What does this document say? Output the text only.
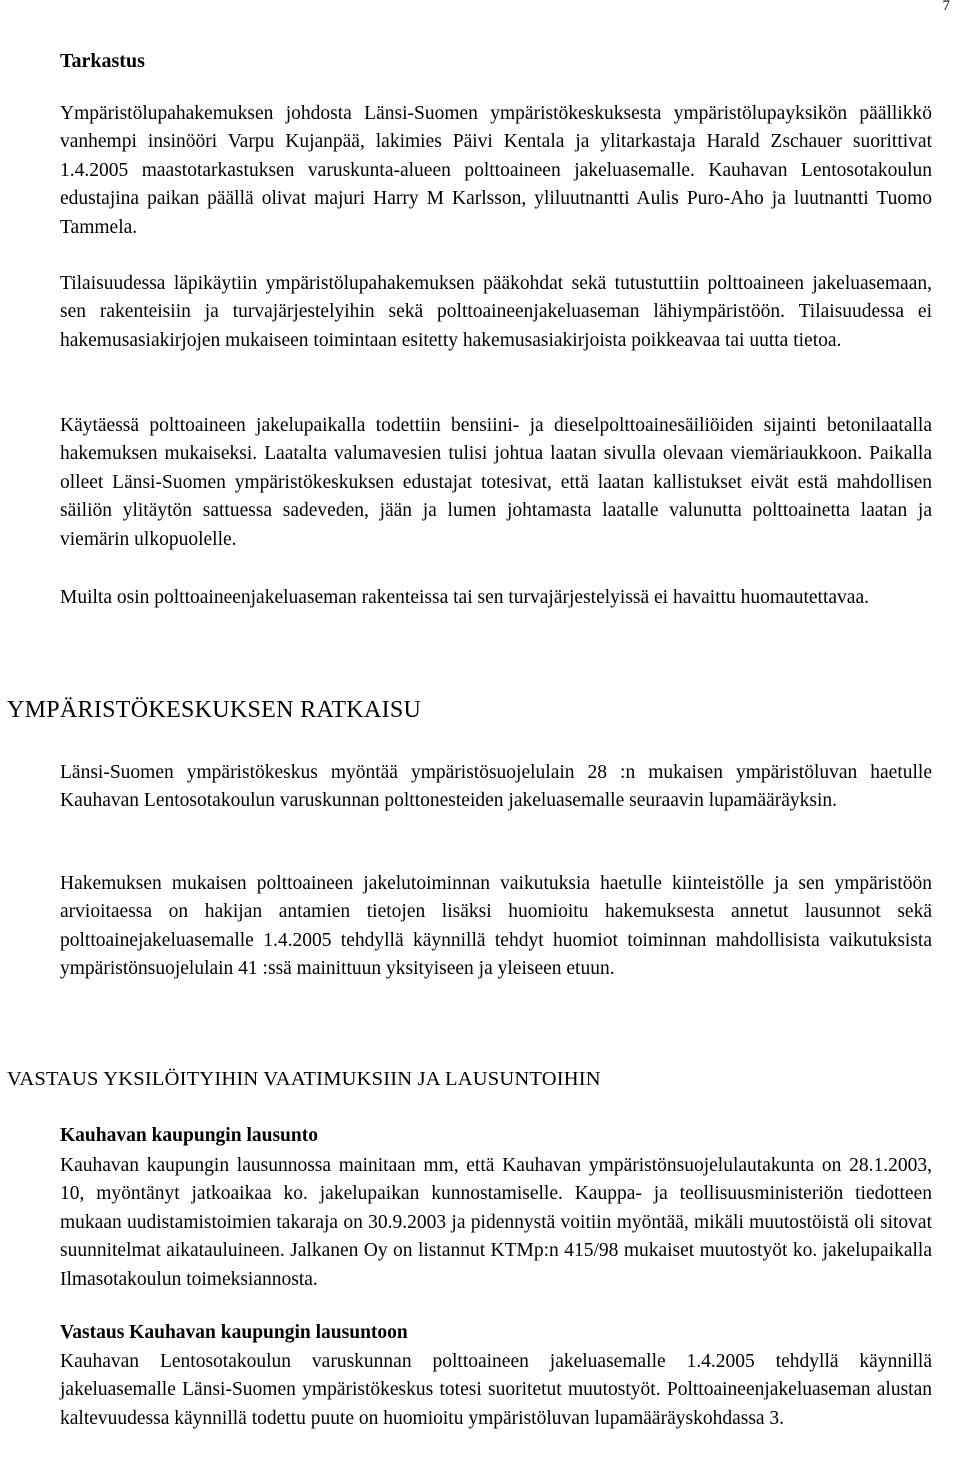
7
Tarkastus

Ympäristölupahakemuksen johdosta Länsi-Suomen ympäristökeskuksesta ympäristölupayksikön päällikkö vanhempi insinööri Varpu Kujanpää, lakimies Päivi Kentala ja ylitarkastaja Harald Zschauer suorittivat 1.4.2005 maastotarkastuksen varuskunta-alueen polttoaineen jakeluasemalle. Kauhavan Lentosotakoulun edustajina paikan päällä olivat majuri Harry M Karlsson, yliluutnantti Aulis Puro-Aho ja luutnantti Tuomo Tammela.

Tilaisuudessa läpikäytiin ympäristölupahakemuksen pääkohdat sekä tutustuttiin polttoaineen jakeluasemaan, sen rakenteisiin ja turvajärjestelyihin sekä polttoaineenjakeluaseman lähiympäristöön. Tilaisuudessa ei hakemusasiakirjojen mukaiseen toimintaan esitetty hakemusasiakirjoista poikkeavaa tai uutta tietoa.

Käytäessä polttoaineen jakelupaikalla todettiin bensiini- ja dieselpolttoainesäiliöiden sijainti betonilaatalla hakemuksen mukaiseksi. Laatalta valumavesien tulisi johtua laatan sivulla olevaan viemäriaukkoon. Paikalla olleet Länsi-Suomen ympäristökeskuksen edustajat totesivat, että laatan kallistukset eivät estä mahdollisen säiliön ylitäytön sattuessa sadeveden, jään ja lumen johtamasta laatalle valunutta polttoainetta laatan ja viemärin ulkopuolelle.

Muilta osin polttoaineenjakeluaseman rakenteissa tai sen turvajärjestelyissä ei havaittu huomautettavaa.

YMPÄRISTÖKESKUKSEN RATKAISU

Länsi-Suomen ympäristökeskus myöntää ympäristösuojelulain 28 :n mukaisen ympäristöluvan haetulle Kauhavan Lentosotakoulun varuskunnan polttonesteiden jakeluasemalle seuraavin lupamääräyksin.

Hakemuksen mukaisen polttoaineen jakelutoiminnan vaikutuksia haetulle kiinteistölle ja sen ympäristöön arvioitaessa on hakijan antamien tietojen lisäksi huomioitu hakemuksesta annetut lausunnot sekä polttoainejakeluasemalle 1.4.2005 tehdyllä käynnillä tehdyt huomiot toiminnan mahdollisista vaikutuksista ympäristönsuojelulain 41 :ssä mainittuun yksityiseen ja yleiseen etuun.

VASTAUS YKSILÖITYIHIN VAATIMUKSIIN JA LAUSUNTOIHIN
Kauhavan kaupungin lausunto

Kauhavan kaupungin lausunnossa mainitaan mm, että Kauhavan ympäristönsuojelulautakunta on 28.1.2003, 10, myöntänyt jatkoaikaa ko. jakelupaikan kunnostamiselle. Kauppa- ja teollisuusministeriön tiedotteen mukaan uudistamistoimien takaraja on 30.9.2003 ja pidennystä voitiin myöntää, mikäli muutostöistä oli sitovat suunnitelmat aikatauluineen. Jalkanen Oy on listannut KTMp:n 415/98 mukaiset muutostyöt ko. jakelupaikalla Ilmasotakoulun toimeksiannosta.

Vastaus Kauhavan kaupungin lausuntoon

Kauhavan Lentosotakoulun varuskunnan polttoaineen jakeluasemalle 1.4.2005 tehdyllä käynnillä jakeluasemalle Länsi-Suomen ympäristökeskus totesi suoritetut muutostyöt. Polttoaineenjakeluaseman alustan kaltevuudessa käynnillä todettu puute on huomioitu ympäristöluvan lupamääräyskohdassa 3.
